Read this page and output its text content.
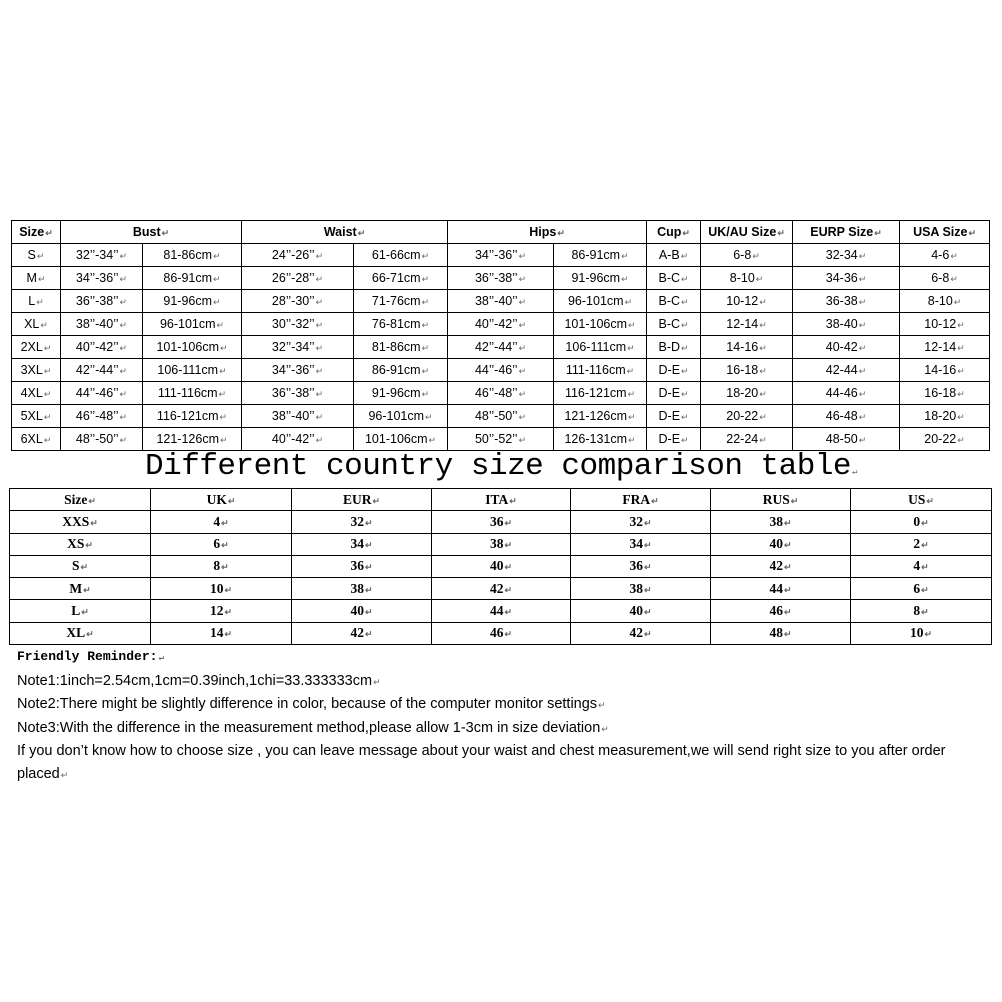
Size↵	Bust↵		Waist↵		Hips↵		Cup↵	UK/AU Size↵	EURP Size↵	USA Size↵
S↵	32’’-34’’↵	81-86cm↵	24’’-26’’↵	61-66cm↵	34’’-36’’↵	86-91cm↵	A-B↵	6-8↵	32-34↵	4-6↵
M↵	34’’-36’’↵	86-91cm↵	26’’-28’’↵	66-71cm↵	36’’-38’’↵	91-96cm↵	B-C↵	8-10↵	34-36↵	6-8↵
L↵	36’’-38’’↵	91-96cm↵	28’’-30’’↵	71-76cm↵	38’’-40’’↵	96-101cm↵	B-C↵	10-12↵	36-38↵	8-10↵
XL↵	38’’-40’’↵	96-101cm↵	30’’-32’’↵	76-81cm↵	40’’-42’’↵	101-106cm↵	B-C↵	12-14↵	38-40↵	10-12↵
2XL↵	40’’-42’’↵	101-106cm↵	32’’-34’’↵	81-86cm↵	42’’-44’’↵	106-111cm↵	B-D↵	14-16↵	40-42↵	12-14↵
3XL↵	42’’-44’’↵	106-111cm↵	34’’-36’’↵	86-91cm↵	44’’-46’’↵	111-116cm↵	D-E↵	16-18↵	42-44↵	14-16↵
4XL↵	44’’-46’’↵	111-116cm↵	36’’-38’’↵	91-96cm↵	46’’-48’’↵	116-121cm↵	D-E↵	18-20↵	44-46↵	16-18↵
5XL↵	46’’-48’’↵	116-121cm↵	38’’-40’’↵	96-101cm↵	48’’-50’’↵	121-126cm↵	D-E↵	20-22↵	46-48↵	18-20↵
6XL↵	48’’-50’’↵	121-126cm↵	40’’-42’’↵	101-106cm↵	50’’-52’’↵	126-131cm↵	D-E↵	22-24↵	48-50↵	20-22↵
Different country size comparison table↵
Size↵	UK↵	EUR↵	ITA↵	FRA↵	RUS↵	US↵
XXS↵	4↵	32↵	36↵	32↵	38↵	0↵
XS↵	6↵	34↵	38↵	34↵	40↵	2↵
S↵	8↵	36↵	40↵	36↵	42↵	4↵
M↵	10↵	38↵	42↵	38↵	44↵	6↵
L↵	12↵	40↵	44↵	40↵	46↵	8↵
XL↵	14↵	42↵	46↵	42↵	48↵	10↵
Friendly Reminder:↵
Note1:1inch=2.54cm,1cm=0.39inch,1chi=33.333333cm↵
Note2:There might be slightly difference in color, because of the computer monitor settings↵
Note3:With the difference in the measurement method,please allow 1-3cm in size deviation↵
If you don’t know how to choose size , you can leave message about your waist and chest measurement,we will send right size to you after order placed↵
